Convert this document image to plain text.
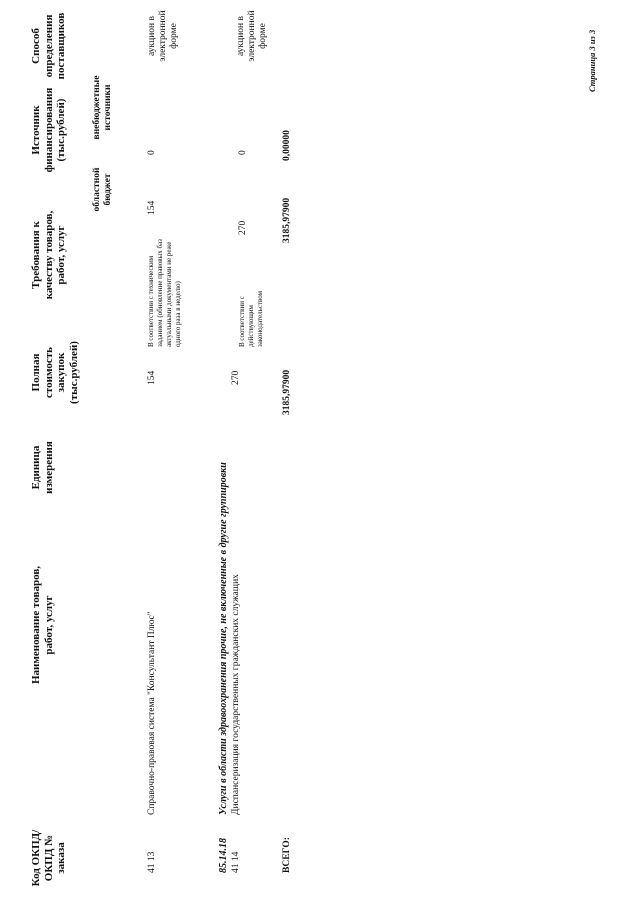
Код ОКПД/ ОКПД № заказа
Наименование товаров, работ, услуг
Единица измерения
Полная стоимость закупок (тыс.рублей)
Требования к качеству товаров, работ, услуг
Источник финансирования (тыс.рублей)
областной бюджет
внебюджетные источники
Способ определения поставщиков
41 13
Справочно-правовая система "Консультант Плюс"
154
В соответствии с техническим заданием (обновление правовых баз актуальными документами не реже одного раза в неделю)
154
0
аукцион в электронной форме
85.14.18
Услуги в области здравоохранения прочие, не включенные в другие группировки
41 14
Диспансеризация государственных гражданских служащих
270
В соответствии с действующим законодательством
270
0
аукцион в электронной форме
ВСЕГО:
3185,97900
3185,97900
0,00000
Страница 3 из 3
